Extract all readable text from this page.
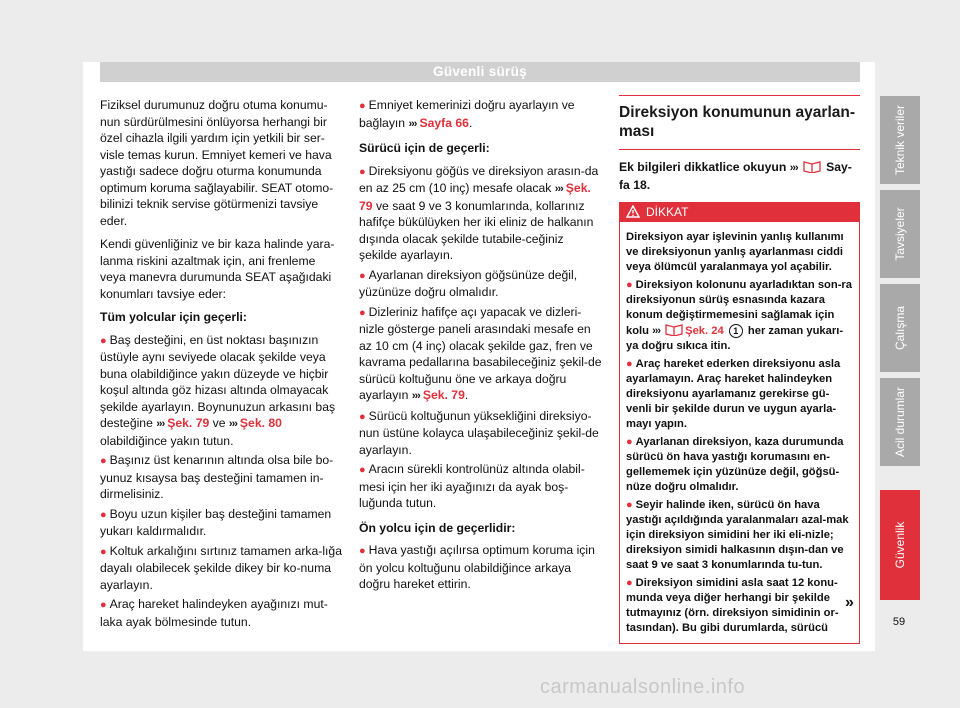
Güvenli sürüş

Fiziksel durumunuz doğru otuma konumu-nun sürdürülmesini önlüyorsa herhangi bir özel cihazla ilgili yardım için yetkili bir ser-visle temas kurun. Emniyet kemeri ve hava yastığı sadece doğru oturma konumunda optimum koruma sağlayabilir. SEAT otomo-bilinizi teknik servise götürmenizi tavsiye eder.

Kendi güvenliğiniz ve bir kaza halinde yara-lanma riskini azaltmak için, ani frenleme veya manevra durumunda SEAT aşağıdaki konumları tavsiye eder:

Tüm yolcular için geçerli:

● Baş desteğini, en üst noktası başınızın üstüyle aynı seviyede olacak şekilde veya buna olabildiğince yakın düzeyde ve hiçbir koşul altında göz hizası altında olmayacak şekilde ayarlayın. Boynunuzun arkasını baş desteğine ››› Şek. 79 ve ››› Şek. 80 olabildiğince yakın tutun.
● Başınız üst kenarının altında olsa bile bo-yunuz kısaysa baş desteğini tamamen in-dirmelisiniz.
● Boyu uzun kişiler baş desteğini tamamen yukarı kaldırmalıdır.
● Koltuk arkalığını sırtınız tamamen arka-lığa dayalı olabilecek şekilde dikey bir ko-numa ayarlayın.
● Araç hareket halindeyken ayağınızı mut-laka ayak bölmesinde tutun.
● Emniyet kemerinizi doğru ayarlayın ve bağlayın ››› Sayfa 66.

Sürücü için de geçerli:

● Direksiyonu göğüs ve direksiyon arasın-da en az 25 cm (10 inç) mesafe olacak ››› Şek. 79 ve saat 9 ve 3 konumlarında, kollarınız hafifçe bükülüyken her iki eliniz de halkanın dışında olacak şekilde tutabile-ceğiniz şekilde ayarlayın.
● Ayarlanan direksiyon göğsünüze değil, yüzünüze doğru olmalıdır.
● Dizleriniz hafifçe açı yapacak ve dizleri-nizle gösterge paneli arasındaki mesafe en az 10 cm (4 inç) olacak şekilde gaz, fren ve kavrama pedallarına basabileceğiniz şekil-de sürücü koltuğunu öne ve arkaya doğru ayarlayın ››› Şek. 79.
● Sürücü koltuğunun yüksekliğini direksiyo-nun üstüne kolayca ulaşabileceğiniz şekil-de ayarlayın.
● Aracın sürekli kontrolünüz altında olabil-mesi için her iki ayağınızı da ayak boş-luğunda tutun.

Ön yolcu için de geçerlidir:

● Hava yastığı açılırsa optimum koruma için ön yolcu koltuğunu olabildiğince arkaya doğru hareket ettirin.
Direksiyon konumunun ayarlan-ması
Ek bilgileri dikkatlice okuyun ››› Say-fa 18.
DİKKAT

Direksiyon ayar işlevinin yanlış kullanımı ve direksiyonun yanlış ayarlanması ciddi veya ölümcül yaralanmaya yol açabilir.

● Direksiyon kolonunu ayarladıktan son-ra direksiyonun sürüş esnasında kazara konum değiştirmemesini sağlamak için kolu ››› Şek. 24 1 her zaman yukarı-ya doğru sıkıca itin.

● Araç hareket ederken direksiyonu asla ayarlamayın. Araç hareket halindeyken direksiyonu ayarlamanız gerekirse gü-venli bir şekilde durun ve uygun ayarla-mayı yapın.

● Ayarlanan direksiyon, kaza durumunda sürücü ön hava yastığı korumasını en-gellememek için yüzünüze değil, göğsü-nüze doğru olmalıdır.

● Seyir halinde iken, sürücü ön hava yastığı açıldığında yaralanmaları azal-mak için direksiyon simidini her iki eli-nizle; direksiyon simidi halkasının dışın-dan ve saat 9 ve saat 3 konumlarında tu-tun.

● Direksiyon simidini asla saat 12 konu-munda veya diğer herhangi bir şekilde tutmayınız (örn. direksiyon simidinin or-tasından). Bu gibi durumlarda, sürücü

»
Teknik veriler
Tavsiyeler
Çalışma
Acil durumlar
Güvenlik
59
carmanualsonline.info
